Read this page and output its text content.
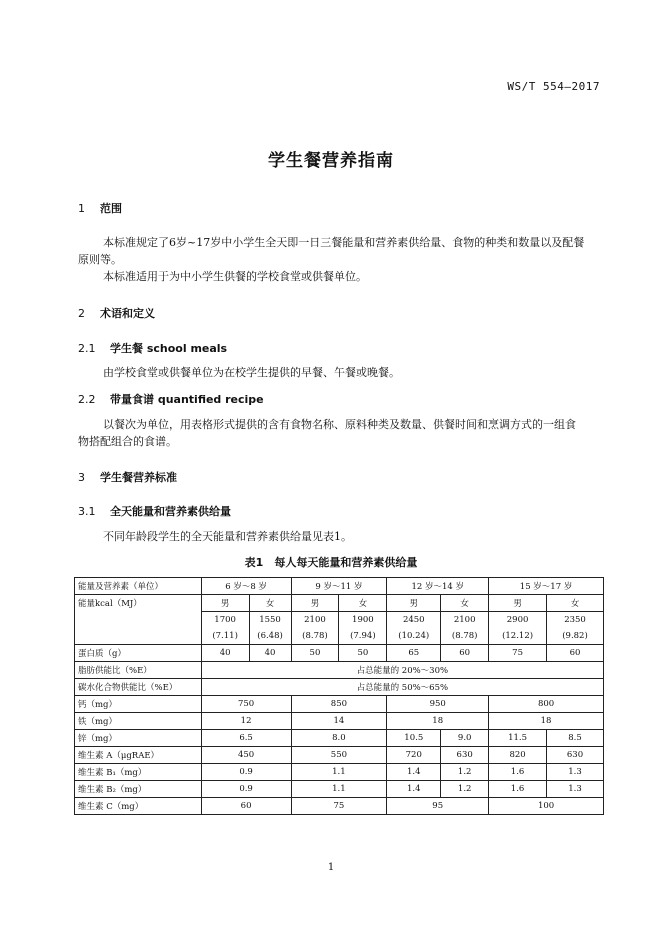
WS/T 554—2017
学生餐营养指南
1 范围
本标准规定了6岁~17岁中小学生全天即一日三餐能量和营养素供给量、食物的种类和数量以及配餐
原则等。
本标准适用于为中小学生供餐的学校食堂或供餐单位。
2 术语和定义
2.1 学生餐 school meals
由学校食堂或供餐单位为在校学生提供的早餐、午餐或晚餐。
2.2 带量食谱 quantified recipe
以餐次为单位，用表格形式提供的含有食物名称、原料种类及数量、供餐时间和烹调方式的一组食
物搭配组合的食谱。
3 学生餐营养标准
3.1 全天能量和营养素供给量
不同年龄段学生的全天能量和营养素供给量见表1。
表1　每人每天能量和营养素供给量
能量及营养素（单位）	6 岁～8 岁		9 岁～11 岁		12 岁～14 岁		15 岁～17 岁	
能量kcal（MJ）	男	女	男	女	男	女	男	女
	1700	1550	2100	1900	2450	2100	2900	2350
	(7.11)	(6.48)	(8.78)	(7.94)	(10.24)	(8.78)	(12.12)	(9.82)
蛋白质（g）	40	40	50	50	65	60	75	60
脂肪供能比（%E）	占总能量的 20%～30%							
碳水化合物供能比（%E）	占总能量的 50%～65%							
钙（mg）	750		850		950		800	
铁（mg）	12		14		18		18	
锌（mg）	6.5		8.0		10.5	9.0	11.5	8.5
维生素 A（μgRAE）	450		550		720	630	820	630
维生素 B₁（mg）	0.9		1.1		1.4	1.2	1.6	1.3
维生素 B₂（mg）	0.9		1.1		1.4	1.2	1.6	1.3
维生素 C（mg）	60		75		95		100	
1
